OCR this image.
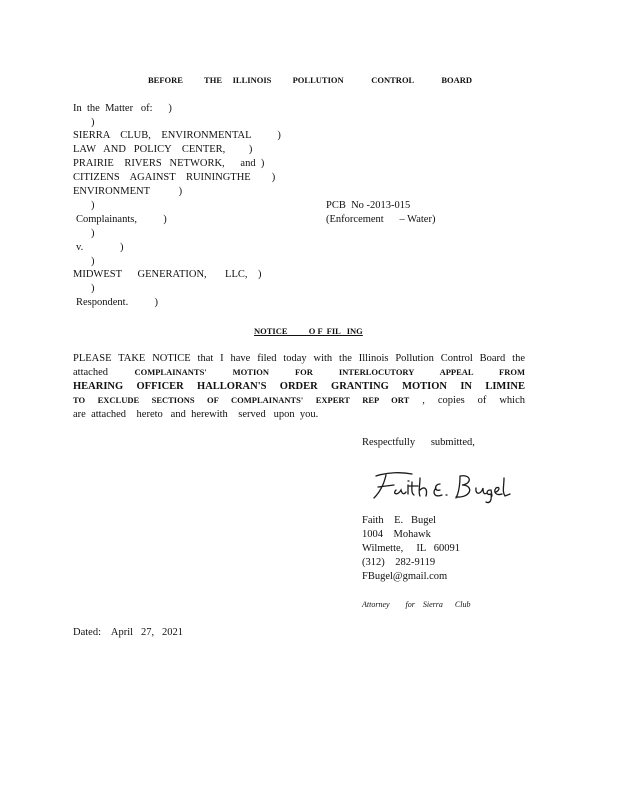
BEFORE          THE     ILLINOIS          POLLUTION             CONTROL             BOARD
In  the  Matter   of:      )
)
SIERRA    CLUB,    ENVIRONMENTAL          )
LAW   AND   POLICY    CENTER,         )
PRAIRIE    RIVERS   NETWORK,      and  )
CITIZENS    AGAINST    RUININGTHE        )
ENVIRONMENT           )
)
Complainants,          )
)
v.              )
)
MIDWEST      GENERATION,       LLC,    )
)
Respondent.          )
PCB  No -2013-015
(Enforcement      – Water)
NOTICE          O F  FIL   ING
PLEASE TAKE NOTICE that I have filed today with the Illinois Pollution Control Board the
attached	COMPLAINANTS' MOTION FOR INTERLOCUTORY APPEAL FROM
HEARING OFFICER HALLORAN'S ORDER GRANTING MOTION IN LIMINE
TO EXCLUDE SECTIONS OF COMPLAINANTS' EXPERT REP ORT , copies of which
are  attached    hereto   and  herewith    served   upon  you.
Respectfully      submitted,
Faith    E.   Bugel
1004    Mohawk
Wilmette,     IL   60091
(312)    282-9119
FBugel@gmail.com
Attorney        for    Sierra      Club
Dated:    April   27,   2021
